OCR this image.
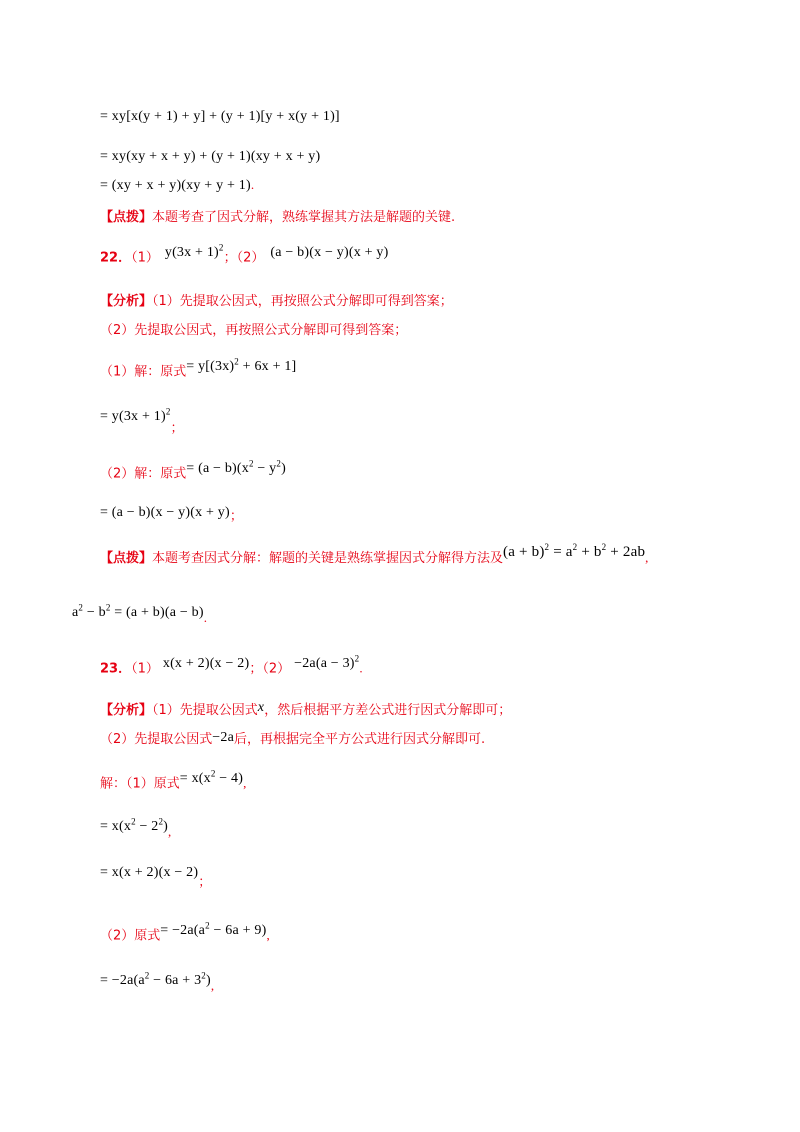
= xy[x(y + 1) + y] + (y + 1)[y + x(y + 1)]
= xy(xy + x + y) + (y + 1)(xy + x + y)
= (xy + x + y)(xy + y + 1).
【点拨】本题考查了因式分解，熟练掌握其方法是解题的关键.
22．（1） $y(3x + 1)^2$；（2） (a − b)(x − y)(x + y)
【分析】（1）先提取公因式，再按照公式分解即可得到答案；
（2）先提取公因式，再按照公式分解即可得到答案；
（1）解：原式= $y[(3x)^2 + 6x + 1]$
= $y(3x + 1)^2$；
（2）解：原式= $(a - b)(x^2 - y^2)$
= (a − b)(x − y)(x + y)；
【点拨】本题考查因式分解：解题的关键是熟练掌握因式分解得方法及$(a + b)^2 = a^2 + b^2 + 2ab$,
$a^2 - b^2 = (a + b)(a - b)$.
23．（1） x(x + 2)(x − 2)；$(2) -2a(a - 3)^2$.
【分析】（1）先提取公因式x，然后根据平方差公式进行因式分解即可；
（2）先提取公因式−2a后，再根据完全平方公式进行因式分解即可.
解：（1）原式= $x(x^2 - 4)$,
= $x(x^2 - 2^2)$,
= x(x + 2)(x − 2)；
（2）原式= $-2a(a^2 - 6a + 9)$,
= $-2a(a^2 - 6a + 3^2)$,
